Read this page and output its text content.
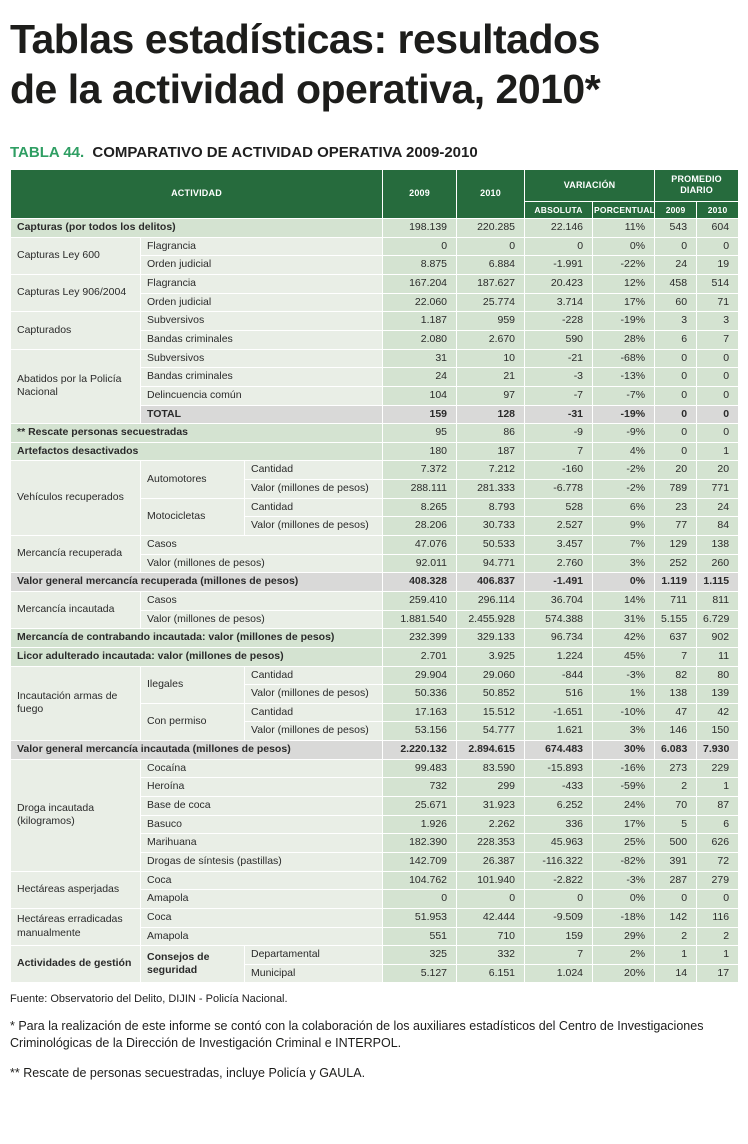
Tablas estadísticas: resultados
de la actividad operativa, 2010*
TABLA 44. COMPARATIVO DE ACTIVIDAD OPERATIVA 2009-2010
ACTIVIDAD			2009	2010	VARIACIÓN		PROMEDIO DIARIO	
					ABSOLUTA	PORCENTUAL	2009	2010
Capturas (por todos los delitos)			198.139	220.285	22.146	11%	543	604
Capturas Ley 600	Flagrancia		0	0	0	0%	0	0
	Orden judicial		8.875	6.884	-1.991	-22%	24	19
Capturas Ley 906/2004	Flagrancia		167.204	187.627	20.423	12%	458	514
	Orden judicial		22.060	25.774	3.714	17%	60	71
Capturados	Subversivos		1.187	959	-228	-19%	3	3
	Bandas criminales		2.080	2.670	590	28%	6	7
Abatidos por la Policía Nacional	Subversivos		31	10	-21	-68%	0	0
	Bandas criminales		24	21	-3	-13%	0	0
	Delincuencia común		104	97	-7	-7%	0	0
	TOTAL		159	128	-31	-19%	0	0
** Rescate personas secuestradas			95	86	-9	-9%	0	0
Artefactos desactivados			180	187	7	4%	0	1
Vehículos recuperados	Automotores	Cantidad	7.372	7.212	-160	-2%	20	20
		Valor (millones de pesos)	288.111	281.333	-6.778	-2%	789	771
	Motocicletas	Cantidad	8.265	8.793	528	6%	23	24
		Valor (millones de pesos)	28.206	30.733	2.527	9%	77	84
Mercancía recuperada	Casos		47.076	50.533	3.457	7%	129	138
	Valor (millones de pesos)		92.011	94.771	2.760	3%	252	260
Valor general mercancía recuperada (millones de pesos)			408.328	406.837	-1.491	0%	1.119	1.115
Mercancía incautada	Casos		259.410	296.114	36.704	14%	711	811
	Valor (millones de pesos)		1.881.540	2.455.928	574.388	31%	5.155	6.729
Mercancía de contrabando incautada: valor (millones de pesos)			232.399	329.133	96.734	42%	637	902
Licor adulterado incautada: valor (millones de pesos)			2.701	3.925	1.224	45%	7	11
Incautación armas de fuego	Ilegales	Cantidad	29.904	29.060	-844	-3%	82	80
		Valor (millones de pesos)	50.336	50.852	516	1%	138	139
	Con permiso	Cantidad	17.163	15.512	-1.651	-10%	47	42
		Valor (millones de pesos)	53.156	54.777	1.621	3%	146	150
Valor general mercancía incautada (millones de pesos)			2.220.132	2.894.615	674.483	30%	6.083	7.930
Droga incautada (kilogramos)	Cocaína		99.483	83.590	-15.893	-16%	273	229
	Heroína		732	299	-433	-59%	2	1
	Base de coca		25.671	31.923	6.252	24%	70	87
	Basuco		1.926	2.262	336	17%	5	6
	Marihuana		182.390	228.353	45.963	25%	500	626
	Drogas de síntesis (pastillas)		142.709	26.387	-116.322	-82%	391	72
Hectáreas asperjadas	Coca		104.762	101.940	-2.822	-3%	287	279
	Amapola		0	0	0	0%	0	0
Hectáreas erradicadas manualmente	Coca		51.953	42.444	-9.509	-18%	142	116
	Amapola		551	710	159	29%	2	2
Actividades de gestión	Consejos de seguridad	Departamental	325	332	7	2%	1	1
		Municipal	5.127	6.151	1.024	20%	14	17
Fuente: Observatorio del Delito, DIJIN - Policía Nacional.
* Para la realización de este informe se contó con la colaboración de los auxiliares estadísticos del Centro de Investigaciones Criminológicas de la Dirección de Investigación Criminal e INTERPOL.
** Rescate de personas secuestradas, incluye Policía y GAULA.
